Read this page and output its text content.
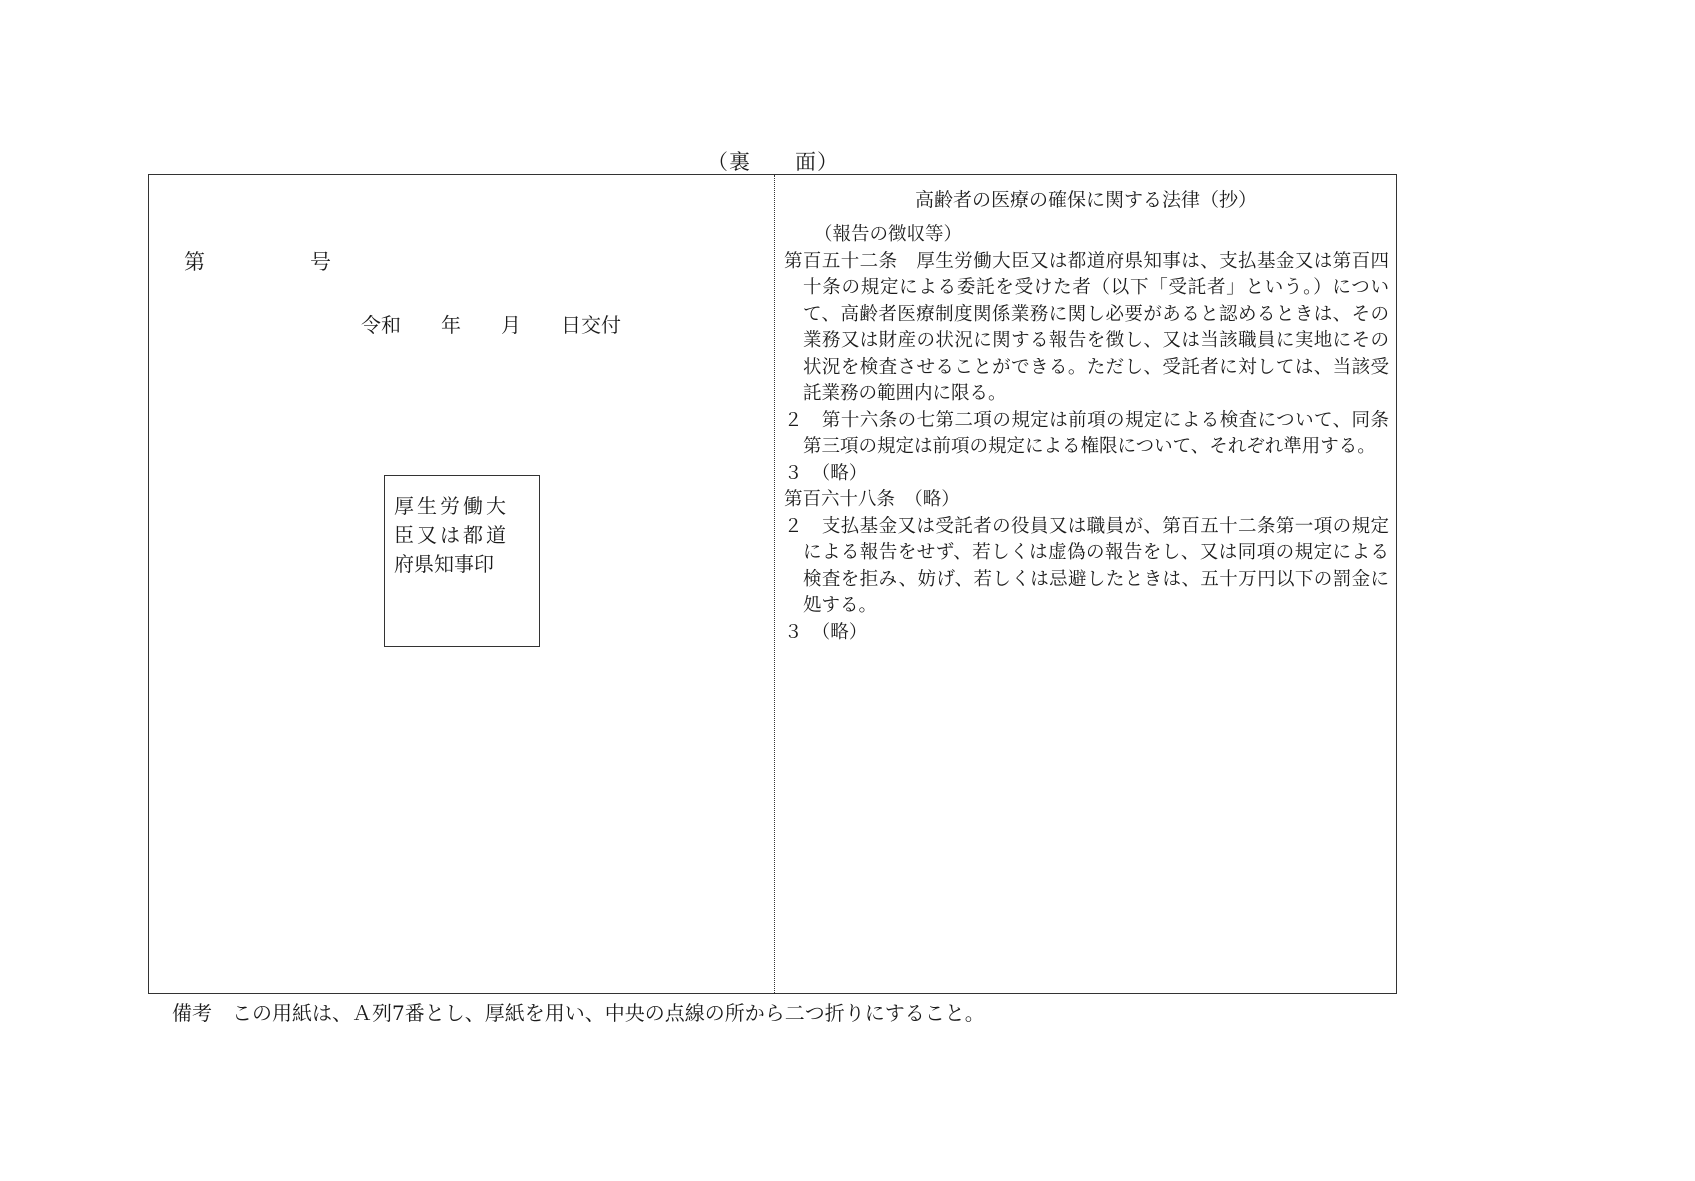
（裏　　面）
第　　　　　号
令和　　年　　月　　日交付
厚生労働大
臣又は都道
府県知事印
高齢者の医療の確保に関する法律（抄）

（報告の徴収等）

第百五十二条　厚生労働大臣又は都道府県知事は、支払基金又は第百四十条の規定による委託を受けた者（以下「受託者」という。）について、高齢者医療制度関係業務に関し必要があると認めるときは、その業務又は財産の状況に関する報告を徴し、又は当該職員に実地にその状況を検査させることができる。ただし、受託者に対しては、当該受託業務の範囲内に限る。

２　第十六条の七第二項の規定は前項の規定による検査について、同条第三項の規定は前項の規定による権限について、それぞれ準用する。

３　（略）

第百六十八条　（略）

２　支払基金又は受託者の役員又は職員が、第百五十二条第一項の規定による報告をせず、若しくは虚偽の報告をし、又は同項の規定による検査を拒み、妨げ、若しくは忌避したときは、五十万円以下の罰金に処する。

３　（略）

備考　この用紙は、Ａ列7番とし、厚紙を用い、中央の点線の所から二つ折りにすること。
